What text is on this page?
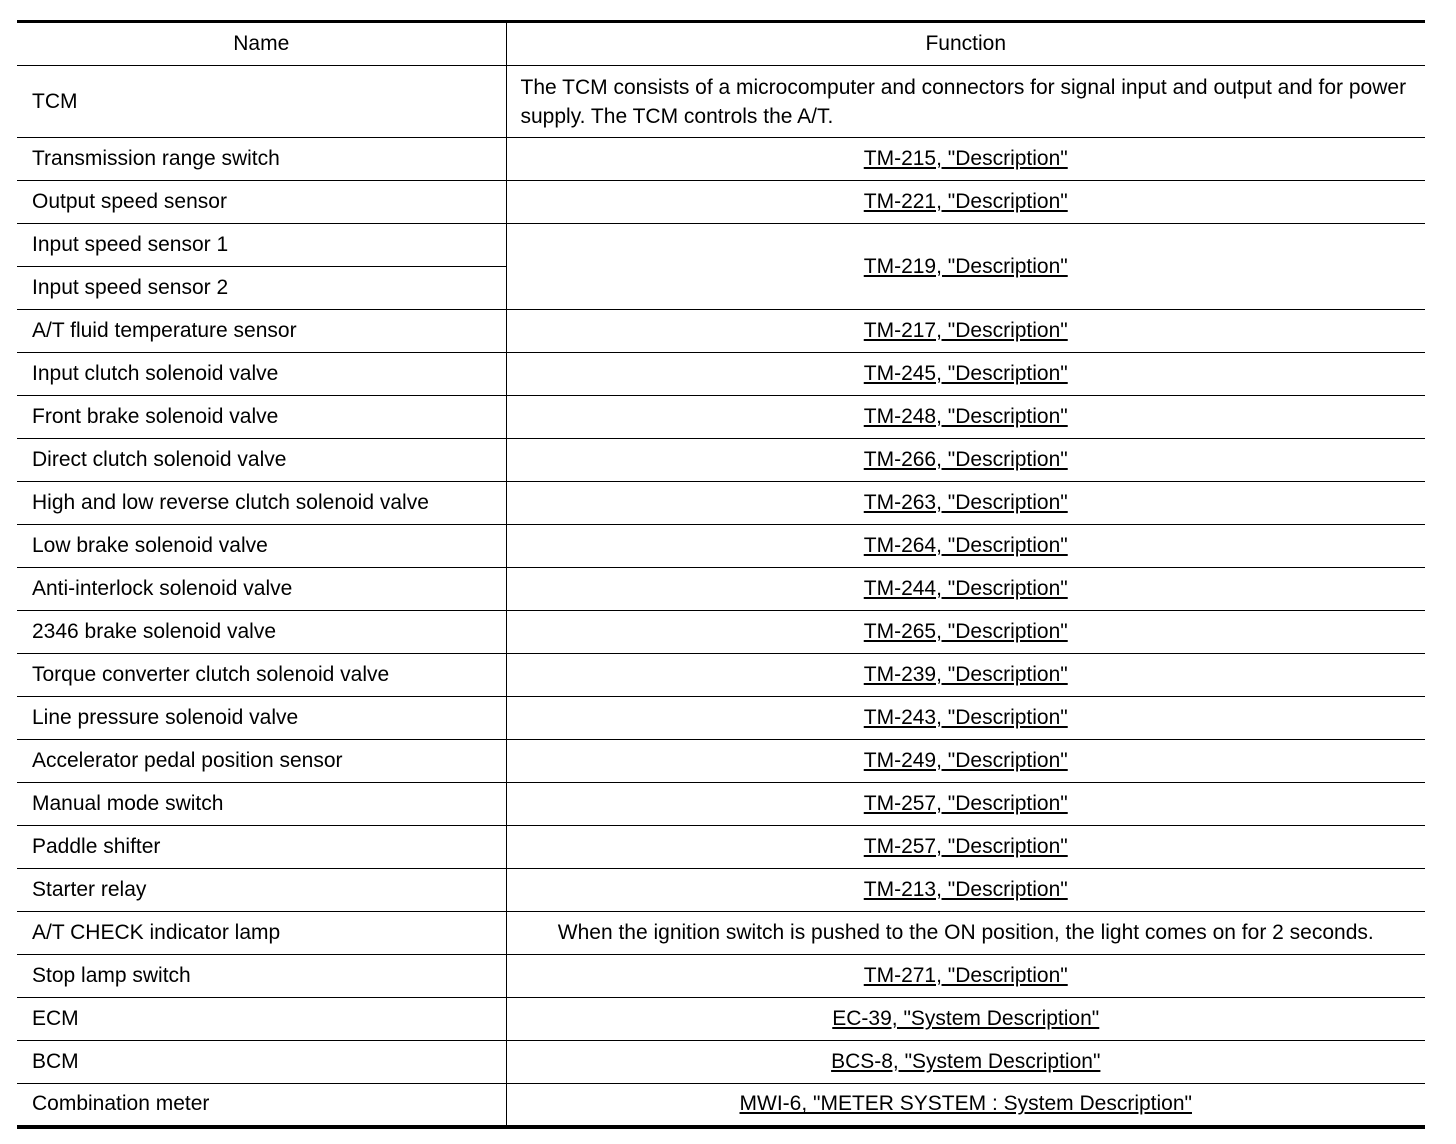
Name	Function
TCM	The TCM consists of a microcomputer and connectors for signal input and output and for power supply. The TCM controls the A/T.
Transmission range switch	TM-215, "Description"
Output speed sensor	TM-221, "Description"
Input speed sensor 1	TM-219, "Description"
Input speed sensor 2	
A/T fluid temperature sensor	TM-217, "Description"
Input clutch solenoid valve	TM-245, "Description"
Front brake solenoid valve	TM-248, "Description"
Direct clutch solenoid valve	TM-266, "Description"
High and low reverse clutch solenoid valve	TM-263, "Description"
Low brake solenoid valve	TM-264, "Description"
Anti-interlock solenoid valve	TM-244, "Description"
2346 brake solenoid valve	TM-265, "Description"
Torque converter clutch solenoid valve	TM-239, "Description"
Line pressure solenoid valve	TM-243, "Description"
Accelerator pedal position sensor	TM-249, "Description"
Manual mode switch	TM-257, "Description"
Paddle shifter	TM-257, "Description"
Starter relay	TM-213, "Description"
A/T CHECK indicator lamp	When the ignition switch is pushed to the ON position, the light comes on for 2 seconds.
Stop lamp switch	TM-271, "Description"
ECM	EC-39, "System Description"
BCM	BCS-8, "System Description"
Combination meter	MWI-6, "METER SYSTEM : System Description"
